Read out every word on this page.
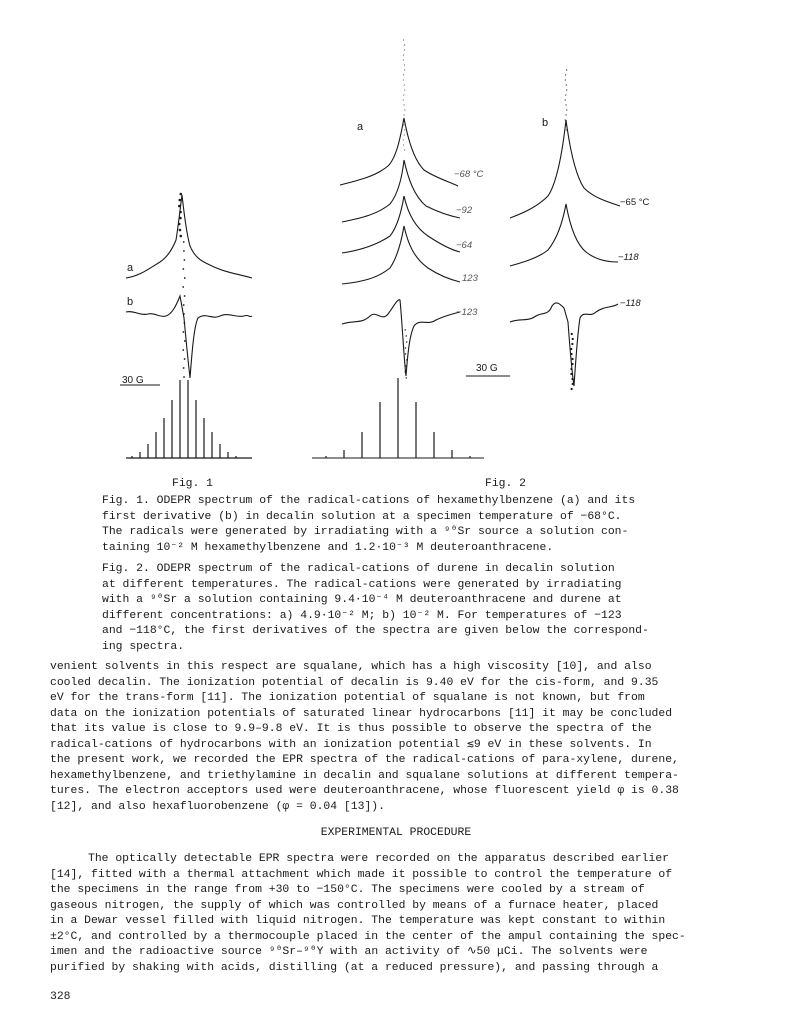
a
b
30 G
Fig. 1
a	b
−68 °C
−92
−64
123
−123
−65 °C
−118
−118
30 G
Fig. 2

Fig. 1. ODEPR spectrum of the radical-cations of hexamethylbenzene (a) and its

first derivative (b) in decalin solution at a specimen temperature of −68°C.

The radicals were generated by irradiating with a ⁹⁰Sr source a solution con-

taining 10⁻² M hexamethylbenzene and 1.2·10⁻³ M deuteroanthracene.

Fig. 2. ODEPR spectrum of the radical-cations of durene in decalin solution

at different temperatures. The radical-cations were generated by irradiating

with a ⁹⁰Sr a solution containing 9.4·10⁻⁴ M deuteroanthracene and durene at

different concentrations: a) 4.9·10⁻² M; b) 10⁻² M. For temperatures of −123

and −118°C, the first derivatives of the spectra are given below the correspond-

ing spectra.

venient solvents in this respect are squalane, which has a high viscosity [10], and also

cooled decalin. The ionization potential of decalin is 9.40 eV for the cis-form, and 9.35

eV for the trans-form [11]. The ionization potential of squalane is not known, but from

data on the ionization potentials of saturated linear hydrocarbons [11] it may be concluded

that its value is close to 9.9–9.8 eV. It is thus possible to observe the spectra of the

radical-cations of hydrocarbons with an ionization potential ≲9 eV in these solvents. In

the present work, we recorded the EPR spectra of the radical-cations of para-xylene, durene,

hexamethylbenzene, and triethylamine in decalin and squalane solutions at different tempera-

tures. The electron acceptors used were deuteroanthracene, whose fluorescent yield φ is 0.38

[12], and also hexafluorobenzene (φ = 0.04 [13]).

EXPERIMENTAL PROCEDURE

The optically detectable EPR spectra were recorded on the apparatus described earlier

[14], fitted with a thermal attachment which made it possible to control the temperature of

the specimens in the range from +30 to −150°C. The specimens were cooled by a stream of

gaseous nitrogen, the supply of which was controlled by means of a furnace heater, placed

in a Dewar vessel filled with liquid nitrogen. The temperature was kept constant to within

±2°C, and controlled by a thermocouple placed in the center of the ampul containing the spec-

imen and the radioactive source ⁹⁰Sr–⁹⁰Y with an activity of ∿50 μCi. The solvents were

purified by shaking with acids, distilling (at a reduced pressure), and passing through a

328
